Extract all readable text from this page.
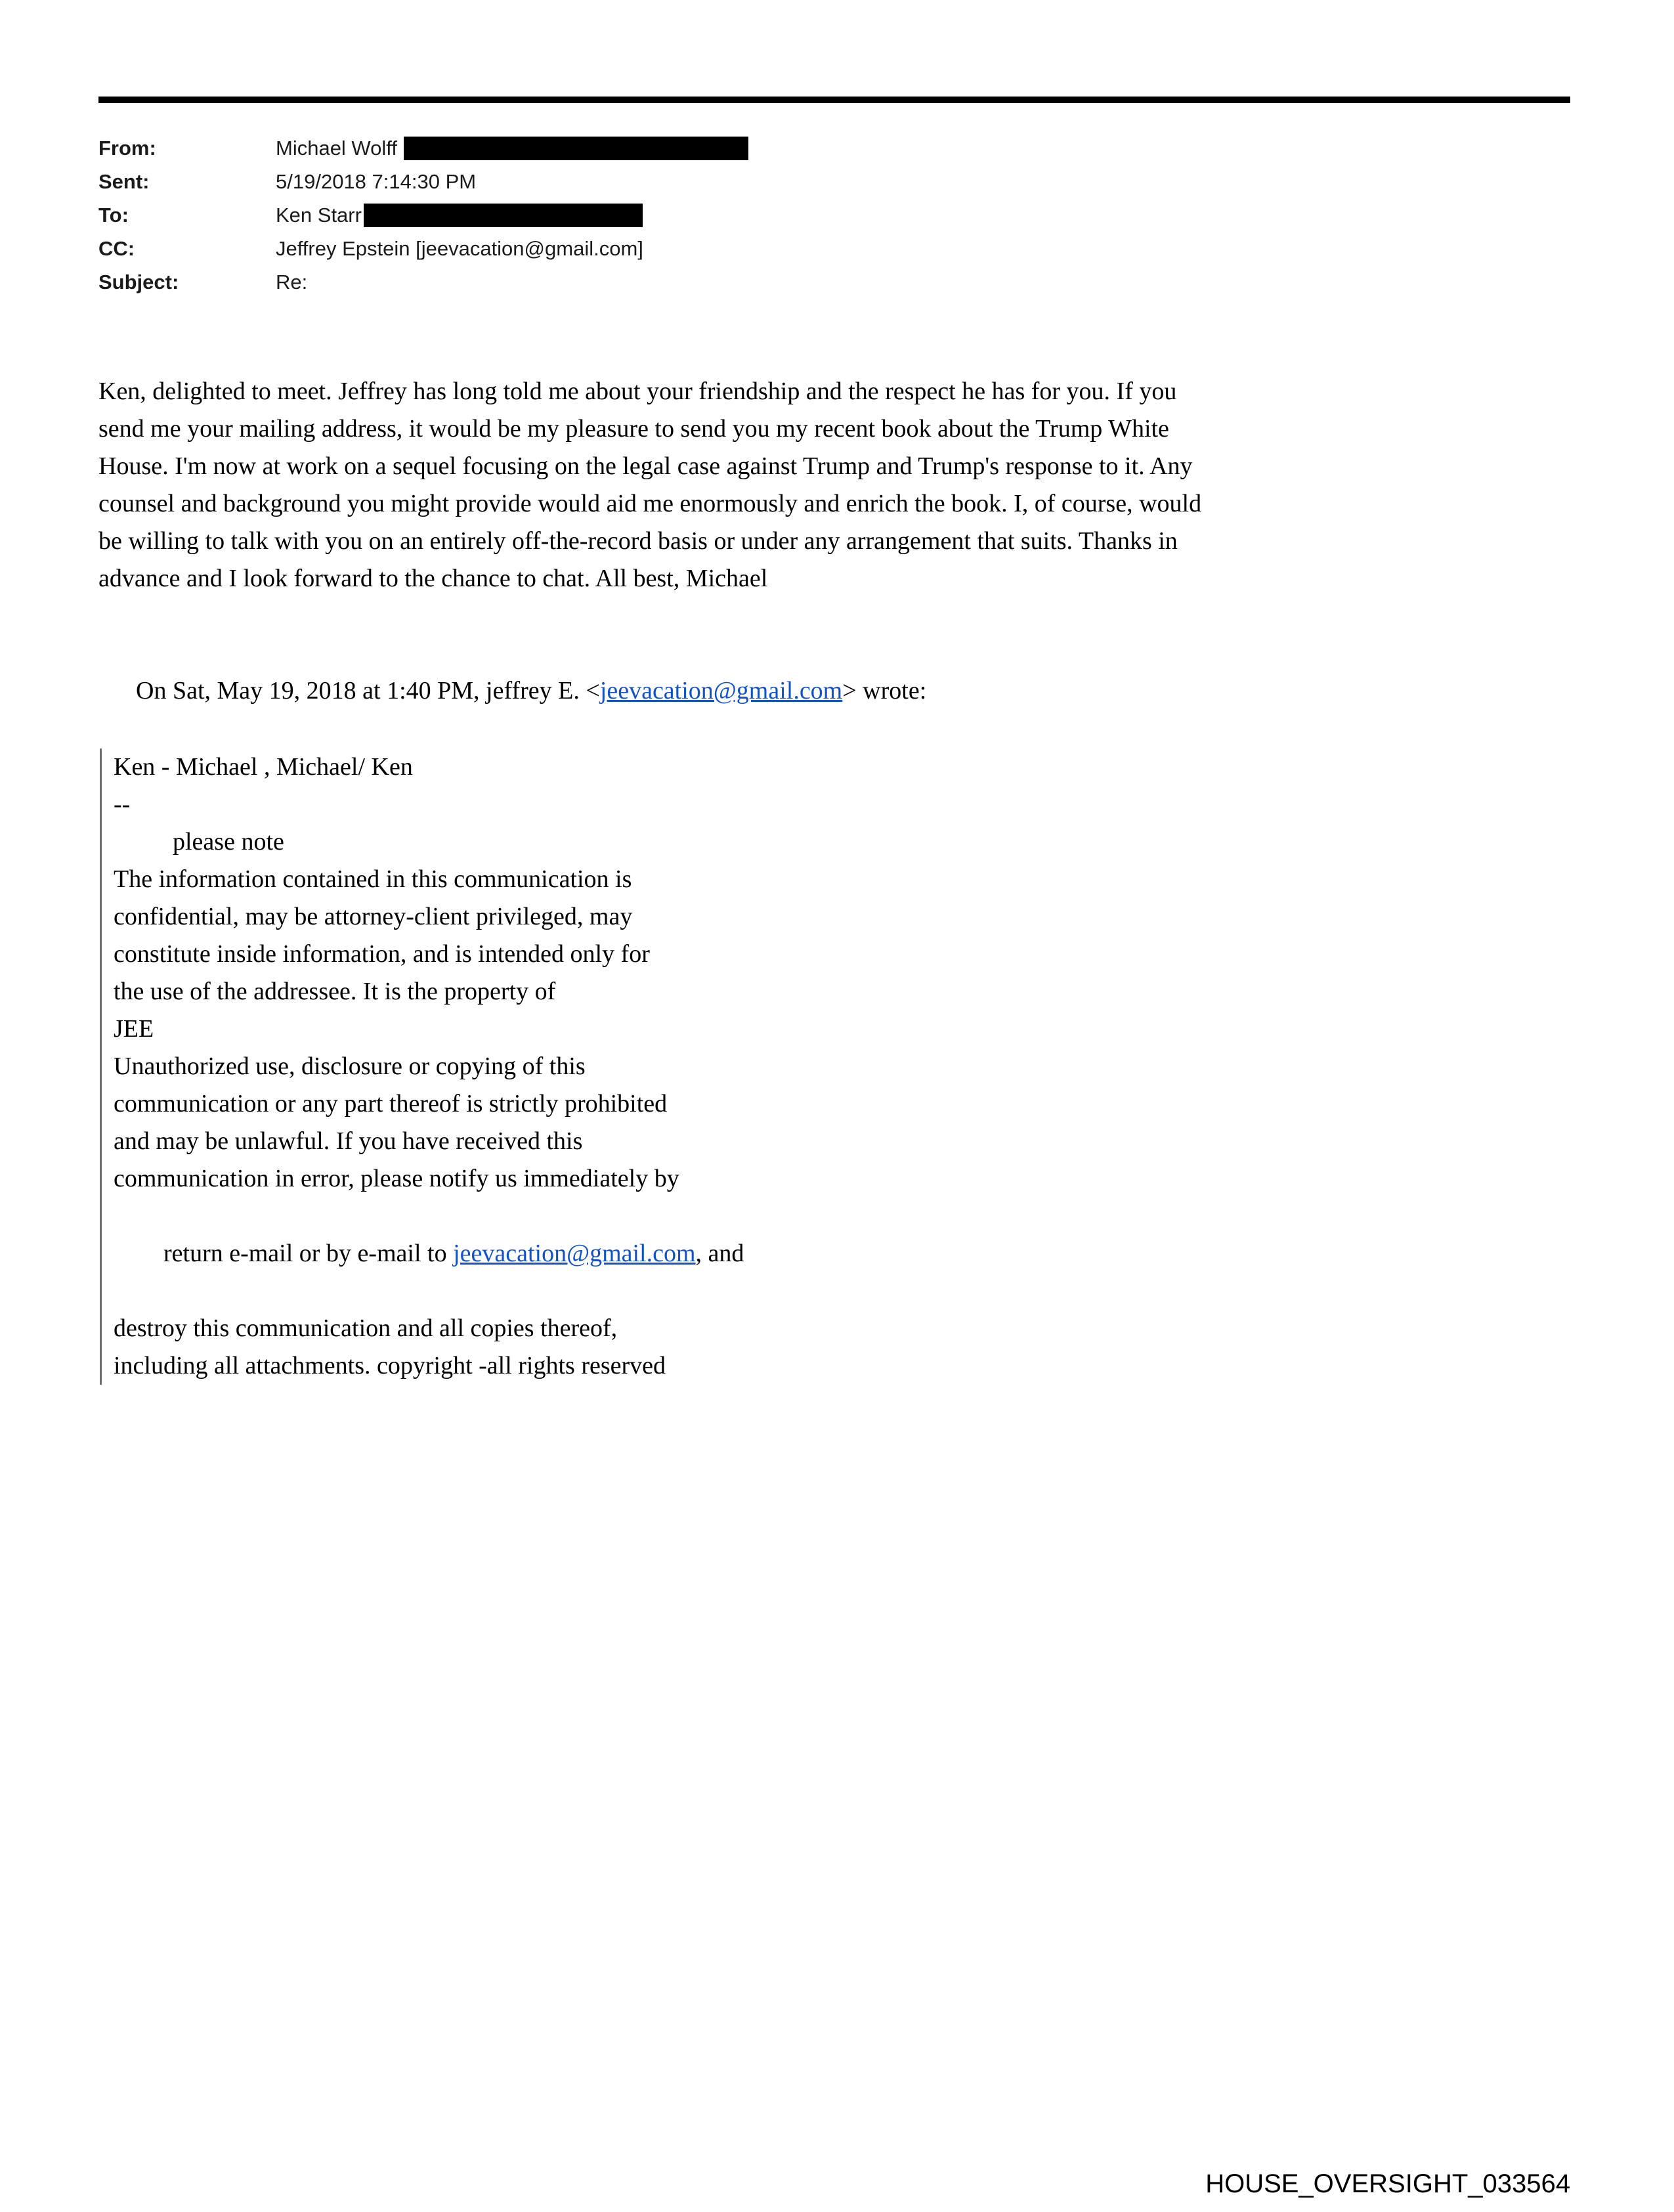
From:	Michael Wolff
Sent:	5/19/2018 7:14:30 PM
To:	Ken Starr
CC:	Jeffrey Epstein [jeevacation@gmail.com]
Subject:	Re:
Ken, delighted to meet. Jeffrey has long told me about your friendship and the respect he has for you. If you
send me your mailing address, it would be my pleasure to send you my recent book about the Trump White
House. I'm now at work on a sequel focusing on the legal case against Trump and Trump's response to it. Any
counsel and background you might provide would aid me enormously and enrich the book. I, of course, would
be willing to talk with you on an entirely off-the-record basis or under any arrangement that suits. Thanks in
advance and I look forward to the chance to chat. All best, Michael

On Sat, May 19, 2018 at 1:40 PM, jeffrey E. <jeevacation@gmail.com> wrote:

Ken - Michael , Michael/ Ken
--
please note
The information contained in this communication is
confidential, may be attorney-client privileged, may
constitute inside information, and is intended only for
the use of the addressee. It is the property of
JEE
Unauthorized use, disclosure or copying of this
communication or any part thereof is strictly prohibited
and may be unlawful. If you have received this
communication in error, please notify us immediately by

return e-mail or by e-mail to jeevacation@gmail.com, and

destroy this communication and all copies thereof,
including all attachments. copyright -all rights reserved
HOUSE_OVERSIGHT_033564
